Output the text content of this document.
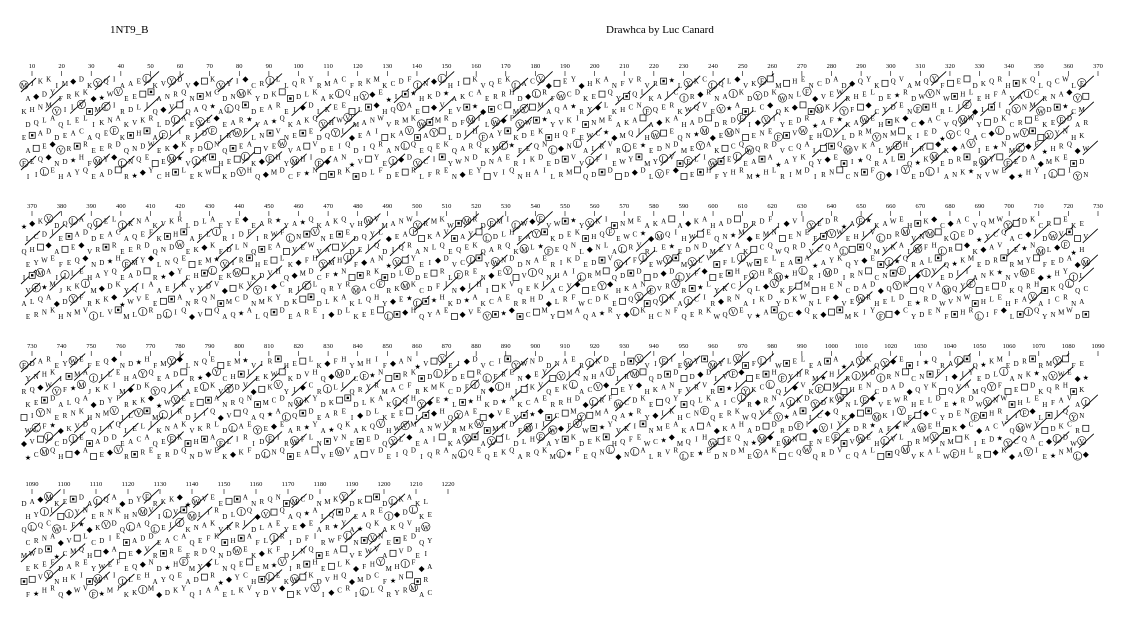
1NT9_B	Drawhca by Luc Canard
10	20	30	40	50	60	70	80	90	100	110	120	130	140	150	160	170	180	190	200	210	220	230	240	250	260	270	280	290	300	310	320	330	340	350	360	370
M
A
K
D
E
A
F
I
J
H
Q
E
I
K
D
N
L
A
E
Q
L
K
Y
M
A
D
E
I
F
V
Q
D
V
N
H
M
R
I
L
E
R
D
A
K
L
E
A
★
Y
D
K
V
L
C
R
H
Q
K
I
A
E
F
E
Y
★
M
K
Q
E
M
A
Q
W
L
N
E
R
Y
D
I
V
I
A
F
D
A
E
R
K
K
Q
L
R
A
E
D
V
N
N
★
E
L
K
H
D
Q
L
I
R
W
E
Y
K
A
Q
L
A
E
C
V
N
D
F
K
E
H
Y
R
V
L
L
M
D
Q
A
I
K
★
L
V
N
Q
E
R
F
V
E
A
Y
I
D
I
K
M
Q
E
D
L
R
W
K
C
★
F
N
V
D
A
E
I
Q
H
K
Y
N
L
A
R
E
D
I
M
Q
R
W
E
V
K
★
F
A
L
H
C
Y
D
Y
L
K
Q
R
D
E
A
N
V
I
K
A
★
E
F
M
L
R
Q
V
W
H
D
L
E
K
N
V
Y
C
Q
D
I
A
E
A
M
F
R
L
K
H
★
Y
K
D
Q
E
V
I
N
R
A
L
V
D
D
F
M
K
K
H
Q
E
A
L
E
W
Y
I
A
R
C
Q
E
V
L
Q
N
K
F
H
M
D
★
R
Y
L
A
E
I
V
D
K
N
A
Q
L
M
E
W
I
R
Y
F
K
★
H
V
A
E
D
C
L
Q
R
K
N
I
E
D
Y
M
A
L
F
★
A
K
V
Q
D
R
I
H
E
W
E
V
L
N
K
A
Q
C
F
D
M
Y
E
I
R
L
★
V
R
K
E
H
A
E
D
L
Q
Y
N
I
K
V
F
D
A
W
C
M
L
R
N
E
K
A
★
I
H
Q
D
Y
V
E
L
F
K
D
Q
R
W
A
M
N
V
E
R
C
Y
L
A
I
K
H
F
★
E
Q
L
D
M
V
K
F
R
N
A
Y
W
D
E
I
H
C
L
E
Q
K
A
V
R
M
★
K
N
D
I
F
A
Y
L
E
L
W
Q
V
H
D
R
E
C
A
K
Q
N
M
Y
D
★
I
F
L
V
K
R
E
A
V
Q
H
E
Y
N
W
L
I
D
K
M
C
R
F
A
Q
L
E
★
V
I
D
N
Y
K
A
R
E
F
H
K
M
L
W
D
V
Q
C
A
Q
E
Y
R
L
N
I
★
D
V
K
F
A
H
E
M
L
R
A
Q
W
D
Y
V
I
E
K
N
L
F
★
C
R
A
E
D
V
L
I
K
H
Q
M
Y
R
W
A
N
E
F
E
K
Q
D
★
Y
L
C
R
V
M
A
I
H
L
N
E
D
K
W
F
Q
A
V
R
E
Y
L
I
★
D
M
C
E
H
K
A
F
N
Q
L
R
V
D
I
W
E
M
K
Y
L
E
Q
A
★
F
D
C
V
N
R
H
K
I
E
D
A
L
M
W
Q
Y
F
V
★
R
N
K
E
C
A
I
H
L
D
V
Q
Y
M
E
F
R
W
A
K
D
N
★
E
L
Q
I
C
V
M
A
H
Y
R
D
E
K
F
L
N
A
W
I
★
V
Q
E
D
R
Y
K
L
M
C
H
F
A
D
V
I
N
Q
E
W
R
K
★
Y
L
E
M
A
Q
F
K
D
C
H
V
L
R
I
E
Y
N
W
A
Q
★
D
K
M
F
L
I
V
R
E
H
Y
A
D
N
C
K
L
Q
E
M
W
F
I
R
★
D
Q
V
A
E
K
L
Y
N
H
C
D
M
I
F
W
R
V
★
K
E
A
L
Q
Y
D
N
E
H
I
M
C
A
R
K
L
F
W
Q
V
★
D
E
Y
A
I
R
N
K
H
L
C
E
M
V
Q
F
D
★
Y
W
R
A
I
K
L
N
E
H
V
Q
C
D
M
F
A
Y
R
W
L
E
★
K
I
N
V
D
H
Q
C
M
E
F
A
Y
L
R
W
K
★
I
Q
N
D
E
V
H
M
L
C
A
F
Y
R
K
W
★
D
N
Q
E
I
L
V
C
A
H
Y
F
M
R
K
W
D
N
370	380	390	400	410	420	430	440	450	460	470	480	490	500	510	520	530	540	550	560	570	580	590	600	610	620	630	640	650	660	670	680	690	700	710	720	730
★
L
Q
E
I
V
A
E
C
H
Y
F
L
R
K
D
W
M
★
Q
N
V
I
E
A
M
A
K
D
E
A
F
I
J
H
Q
E
I
K
D
N
L
A
E
Q
L
K
Y
M
A
D
E
I
F
V
Q
D
V
N
H
M
R
I
L
E
R
D
A
K
L
E
A
★
Y
D
K
V
L
C
R
H
Q
K
I
A
E
F
E
Y
★
M
K
Q
E
M
A
Q
W
L
N
E
R
Y
D
I
V
I
A
F
D
A
E
R
K
K
Q
L
R
A
E
D
V
N
N
★
E
L
K
H
D
Q
L
I
R
W
E
Y
K
A
Q
L
A
E
C
V
N
D
F
K
E
H
Y
R
V
L
L
M
D
Q
A
I
K
★
L
V
N
Q
E
R
F
V
E
A
Y
I
D
I
K
M
Q
E
D
L
R
W
K
C
★
F
N
V
D
A
E
I
Q
H
K
Y
N
L
A
R
E
D
I
M
Q
R
W
E
V
K
★
F
A
L
H
C
Y
D
Y
L
K
Q
R
D
E
A
N
V
I
K
A
★
E
F
M
L
R
Q
V
W
H
D
L
E
K
N
V
Y
C
Q
D
I
A
E
A
M
F
R
L
K
H
★
Y
K
D
Q
E
V
I
N
R
A
L
V
D
D
F
M
K
K
H
Q
E
A
L
E
W
Y
I
A
R
C
Q
E
V
L
Q
N
K
F
H
M
D
★
R
Y
L
A
E
I
V
D
K
N
A
Q
L
M
E
W
I
R
Y
F
K
★
H
V
A
E
D
C
L
Q
R
K
N
I
E
D
Y
M
A
L
F
★
A
K
V
Q
D
R
I
H
E
W
E
V
L
N
K
A
Q
C
F
D
M
Y
E
I
R
L
★
V
R
K
E
H
A
E
D
L
Q
Y
N
I
K
V
F
D
A
W
C
M
L
R
N
E
K
A
★
I
H
Q
D
Y
V
E
L
F
K
D
Q
R
W
A
M
N
V
E
R
C
Y
L
A
I
K
H
F
★
E
Q
L
D
M
V
K
F
R
N
A
Y
W
D
E
I
H
C
L
E
Q
K
A
V
R
M
★
K
N
D
I
F
A
Y
L
E
L
W
Q
V
H
D
R
E
C
A
K
Q
N
M
Y
D
★
I
F
L
V
K
R
E
A
V
Q
H
E
Y
N
W
L
I
D
K
M
C
R
F
A
Q
L
E
★
V
I
D
N
Y
K
A
R
E
F
H
K
M
L
W
D
V
Q
C
A
Q
E
Y
R
L
N
I
★
D
V
K
F
A
H
E
M
L
R
A
Q
W
D
Y
V
I
E
K
N
L
F
★
C
R
A
E
D
V
L
I
K
H
Q
M
Y
R
W
A
N
E
F
E
K
Q
D
★
Y
L
C
R
V
M
A
I
H
L
N
E
D
K
W
F
Q
A
V
R
E
Y
L
I
★
D
M
C
E
H
K
A
F
N
Q
L
R
V
D
I
W
E
M
K
Y
L
E
Q
A
★
F
D
C
V
N
R
H
K
I
E
D
A
L
M
W
Q
Y
F
V
★
R
N
K
E
C
A
I
H
L
D
V
Q
Y
M
E
F
R
W
A
K
D
N
★
E
L
Q
I
C
V
M
A
H
Y
R
D
E
K
F
L
N
A
W
I
★
V
Q
E
D
R
Y
K
L
M
C
H
F
A
D
V
I
N
Q
E
W
R
K
★
Y
L
E
M
A
Q
F
K
D
C
H
V
L
R
I
E
Y
N
W
A
Q
★
D
K
M
F
L
I
V
R
E
H
Y
A
D
N
C
K
L
Q
E
M
W
F
I
R
★
D
Q
V
A
E
K
L
Y
N
H
C
D
M
I
F
W
R
V
★
K
E
A
L
Q
Y
D
N
E
H
I
M
C
A
R
K
L
F
W
Q
V
★
D
E
Y
A
I
R
N
K
H
L
C
E
M
V
Q
F
D
★
Y
W
R
A
I
K
L
N
E
H
V
Q
C
D
M
F
A
Y
R
W
L
E
★
K
I
N
V
D
H
Q
C
M
E
F
A
Y
L
R
W
K
★
I
Q
N
D
E
V
H
M
L
C
A
730	740	750	760	770	780	790	800	810	820	830	840	850	860	870	880	890	900	910	920	930	940	950	960	970	980	990	1000	1010	1020	1030	1040	1050	1060	1070	1080	1090
F
Y
R
K
W
★
D
N
Q
E
I
L
V
C
A
H
Y
F
M
R
K
W
D
N
★
L
Q
E
I
V
A
E
C
H
Y
F
L
R
K
D
W
M
★
Q
N
V
I
E
A
M
A
K
D
E
A
F
I
J
H
Q
E
I
K
D
N
L
A
E
Q
L
K
Y
M
A
D
E
I
F
V
Q
D
V
N
H
M
R
I
L
E
R
D
A
K
L
E
A
★
Y
D
K
V
L
C
R
H
Q
K
I
A
E
F
E
Y
★
M
K
Q
E
M
A
Q
W
L
N
E
R
Y
D
I
V
I
A
F
D
A
E
R
K
K
Q
L
R
A
E
D
V
N
N
★
E
L
K
H
D
Q
L
I
R
W
E
Y
K
A
Q
L
A
E
C
V
N
D
F
K
E
H
Y
R
V
L
L
M
D
Q
A
I
K
★
L
V
N
Q
E
R
F
V
E
A
Y
I
D
I
K
M
Q
E
D
L
R
W
K
C
★
F
N
V
D
A
E
I
Q
H
K
Y
N
L
A
R
E
D
I
M
Q
R
W
E
V
K
★
F
A
L
H
C
Y
D
Y
L
K
Q
R
D
E
A
N
V
I
K
A
★
E
F
M
L
R
Q
V
W
H
D
L
E
K
N
V
Y
C
Q
D
I
A
E
A
M
F
R
L
K
H
★
Y
K
D
Q
E
V
I
N
R
A
L
V
D
D
F
M
K
K
H
Q
E
A
L
E
W
Y
I
A
R
C
Q
E
V
L
Q
N
K
F
H
M
D
★
R
Y
L
A
E
I
V
D
K
N
A
Q
L
M
E
W
I
R
Y
F
K
★
H
V
A
E
D
C
L
Q
R
K
N
I
E
D
Y
M
A
L
F
★
A
K
V
Q
D
R
I
H
E
W
E
V
L
N
K
A
Q
C
F
D
M
Y
E
I
R
L
★
V
R
K
E
H
A
E
D
L
Q
Y
N
I
K
V
F
D
A
W
C
M
L
R
N
E
K
A
★
I
H
Q
D
Y
V
E
L
F
K
D
Q
R
W
A
M
N
V
E
R
C
Y
L
A
I
K
H
F
★
E
Q
L
D
M
V
K
F
R
N
A
Y
W
D
E
I
H
C
L
E
Q
K
A
V
R
M
★
K
N
D
I
F
A
Y
L
E
L
W
Q
V
H
D
R
E
C
A
K
Q
N
M
Y
D
★
I
F
L
V
K
R
E
A
V
Q
H
E
Y
N
W
L
I
D
K
M
C
R
F
A
Q
L
E
★
V
I
D
N
Y
K
A
R
E
F
H
K
M
L
W
D
V
Q
C
A
Q
E
Y
R
L
N
I
★
D
V
K
F
A
H
E
M
L
R
A
Q
W
D
Y
V
I
E
K
N
L
F
★
C
R
A
E
D
V
L
I
K
H
Q
M
Y
R
W
A
N
E
F
E
K
Q
D
★
Y
L
C
R
V
M
A
I
H
L
N
E
D
K
W
F
Q
A
V
R
E
Y
L
I
★
D
M
C
E
H
K
A
F
N
Q
L
R
V
D
I
W
E
M
K
Y
L
E
Q
A
★
F
D
C
V
N
R
H
K
I
E
D
A
L
M
W
Q
Y
F
V
★
R
N
K
E
C
A
I
H
L
D
V
Q
Y
M
E
F
R
W
A
K
D
N
★
E
L
Q
I
C
V
M
A
H
Y
R
D
E
K
F
L
N
A
W
I
★
V
Q
E
D
R
Y
K
L
M
C
H
F
A
D
V
I
N
Q
E
W
R
K
★
Y
L
E
M
A
Q
F
K
D
C
H
V
L
R
I
E
Y
N
W
A
Q
★
D
K
M
F
L
I
V
R
E
H
Y
A
D
N
C
K
L
Q
E
M
W
F
I
R
★
D
Q
V
A
E
K
L
Y
N
H
C
D
M
I
F
W
R
V
★
K
E
A
L
Q
Y
D
N
E
H
I
M
C
A
R
K
L
F
W
Q
V
★
D
E
Y
A
I
R
N
K
H
L
C
E
M
V
Q
F
D
★
Y
W
R
A
I
K
L
N
E
H
V
Q
C
D
M
F
A
Y
R
W
L
E
★
K
I
N
V
1090	1100	1110	1120	1130	1140	1150	1160	1170	1180	1190	1200	1210	1220
D
H
Q
C
M
E
F
A
Y
L
R
W
K
★
I
Q
N
D
E
V
H
M
L
C
A
F
Y
R
K
W
★
D
N
Q
E
I
L
V
C
A
H
Y
F
M
R
K
W
D
N
★
L
Q
E
I
V
A
E
C
H
Y
F
L
R
K
D
W
M
★
Q
N
V
I
E
A
M
A
K
D
E
A
F
I
J
H
Q
E
I
K
D
N
L
A
E
Q
L
K
Y
M
A
D
E
I
F
V
Q
D
V
N
H
M
R
I
L
E
R
D
A
K
L
E
A
★
Y
D
K
V
L
C
R
H
Q
K
I
A
E
F
E
Y
★
M
K
Q
E
M
A
Q
W
L
N
E
R
Y
D
I
V
I
A
F
D
A
E
R
K
K
Q
L
R
A
E
D
V
N
N
★
E
L
K
H
D
Q
L
I
R
W
E
Y
K
A
Q
L
A
E
C
V
N
D
F
K
E
H
Y
R
V
L
L
M
D
Q
A
I
K
★
L
V
N
Q
E
R
F
V
E
A
Y
I
D
I
K
M
Q
E
D
L
R
W
K
C
★
F
N
V
D
A
E
I
Q
H
K
Y
N
L
A
R
E
D
I
M
Q
R
W
E
V
K
★
F
A
L
H
C
Y
D
Y
L
K
Q
R
D
E
A
N
V
I
K
A
★
E
F
M
L
R
Q
V
W
H
D
L
E
K
N
V
Y
C
Q
D
I
A
E
A
M
F
R
L
K
H
★
Y
K
D
Q
E
V
I
N
R
A
L
V
D
D
F
M
K
K
H
Q
E
A
L
E
W
Y
I
A
R
C
